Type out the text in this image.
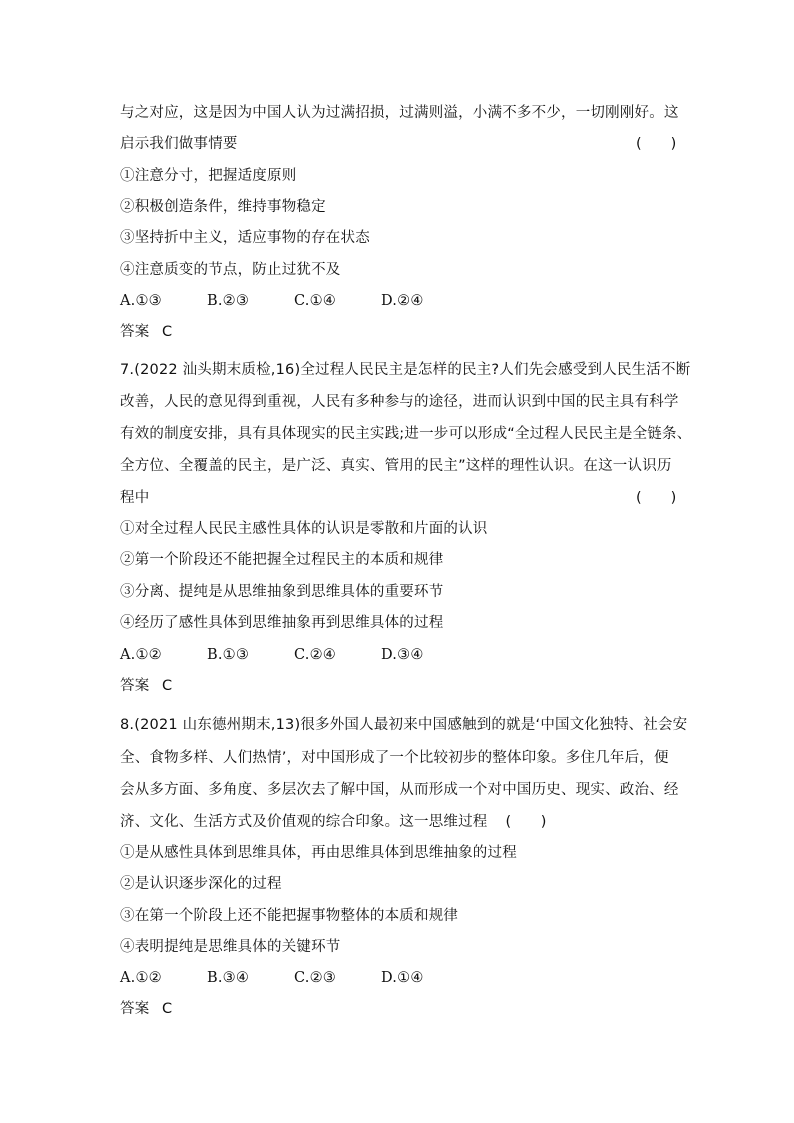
与之对应，这是因为中国人认为过满招损，过满则溢，小满不多不少，一切刚刚好。这
启示我们做事情要	(　　)
①注意分寸，把握适度原则
②积极创造条件，维持事物稳定
③坚持折中主义，适应事物的存在状态
④注意质变的节点，防止过犹不及
A.①③	B.②③	C.①④	D.②④
答案 C
7.(2022 汕头期末质检,16)全过程人民民主是怎样的民主?人们先会感受到人民生活不断
改善，人民的意见得到重视，人民有多种参与的途径，进而认识到中国的民主具有科学
有效的制度安排，具有具体现实的民主实践;进一步可以形成“全过程人民民主是全链条、
全方位、全覆盖的民主，是广泛、真实、管用的民主”这样的理性认识。在这一认识历
程中	(　　)
①对全过程人民民主感性具体的认识是零散和片面的认识
②第一个阶段还不能把握全过程民主的本质和规律
③分离、提纯是从思维抽象到思维具体的重要环节
④经历了感性具体到思维抽象再到思维具体的过程
A.①②	B.①③	C.②④	D.③④
答案 C
8.(2021 山东德州期末,13)很多外国人最初来中国感触到的就是‘中国文化独特、社会安
全、食物多样、人们热情’，对中国形成了一个比较初步的整体印象。多住几年后，便
会从多方面、多角度、多层次去了解中国，从而形成一个对中国历史、现实、政治、经
济、文化、生活方式及价值观的综合印象。这一思维过程 (　　)
①是从感性具体到思维具体，再由思维具体到思维抽象的过程
②是认识逐步深化的过程
③在第一个阶段上还不能把握事物整体的本质和规律
④表明提纯是思维具体的关键环节
A.①②	B.③④	C.②③	D.①④
答案 C
